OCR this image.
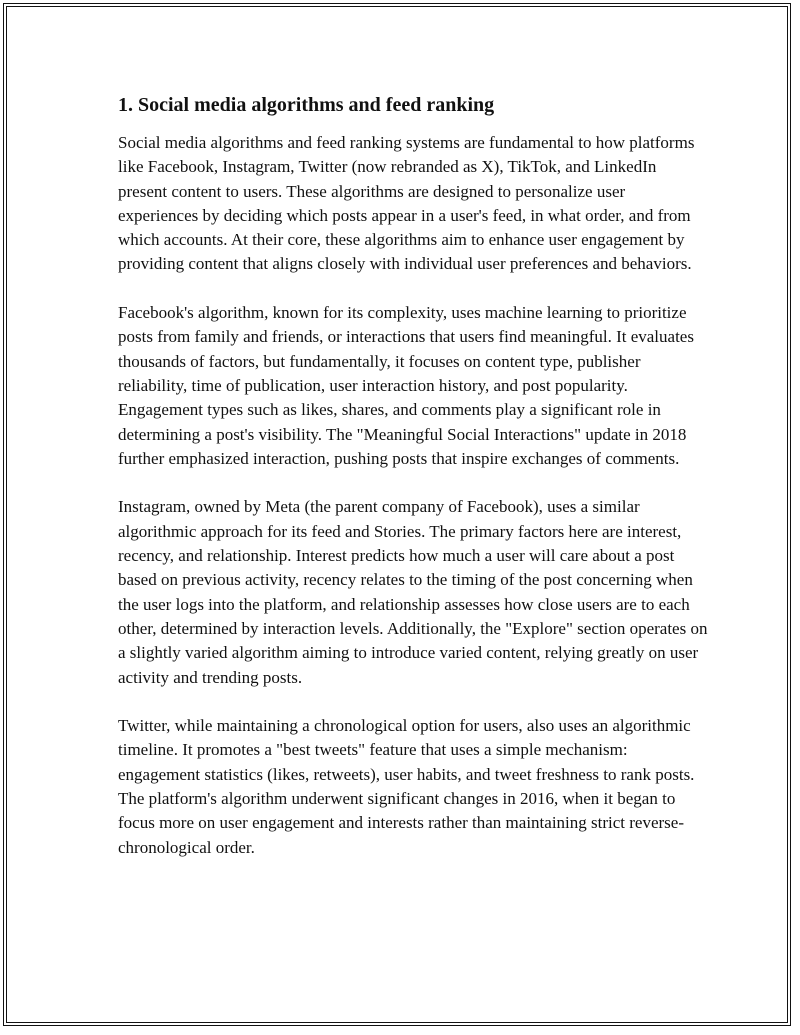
1. Social media algorithms and feed ranking

Social media algorithms and feed ranking systems are fundamental to how platforms like Facebook, Instagram, Twitter (now rebranded as X), TikTok, and LinkedIn present content to users. These algorithms are designed to personalize user experiences by deciding which posts appear in a user's feed, in what order, and from which accounts. At their core, these algorithms aim to enhance user engagement by providing content that aligns closely with individual user preferences and behaviors.

Facebook's algorithm, known for its complexity, uses machine learning to prioritize posts from family and friends, or interactions that users find meaningful. It evaluates thousands of factors, but fundamentally, it focuses on content type, publisher reliability, time of publication, user interaction history, and post popularity. Engagement types such as likes, shares, and comments play a significant role in determining a post's visibility. The "Meaningful Social Interactions" update in 2018 further emphasized interaction, pushing posts that inspire exchanges of comments.

Instagram, owned by Meta (the parent company of Facebook), uses a similar algorithmic approach for its feed and Stories. The primary factors here are interest, recency, and relationship. Interest predicts how much a user will care about a post based on previous activity, recency relates to the timing of the post concerning when the user logs into the platform, and relationship assesses how close users are to each other, determined by interaction levels. Additionally, the "Explore" section operates on a slightly varied algorithm aiming to introduce varied content, relying greatly on user activity and trending posts.

Twitter, while maintaining a chronological option for users, also uses an algorithmic timeline. It promotes a "best tweets" feature that uses a simple mechanism: engagement statistics (likes, retweets), user habits, and tweet freshness to rank posts. The platform's algorithm underwent significant changes in 2016, when it began to focus more on user engagement and interests rather than maintaining strict reverse-chronological order.
